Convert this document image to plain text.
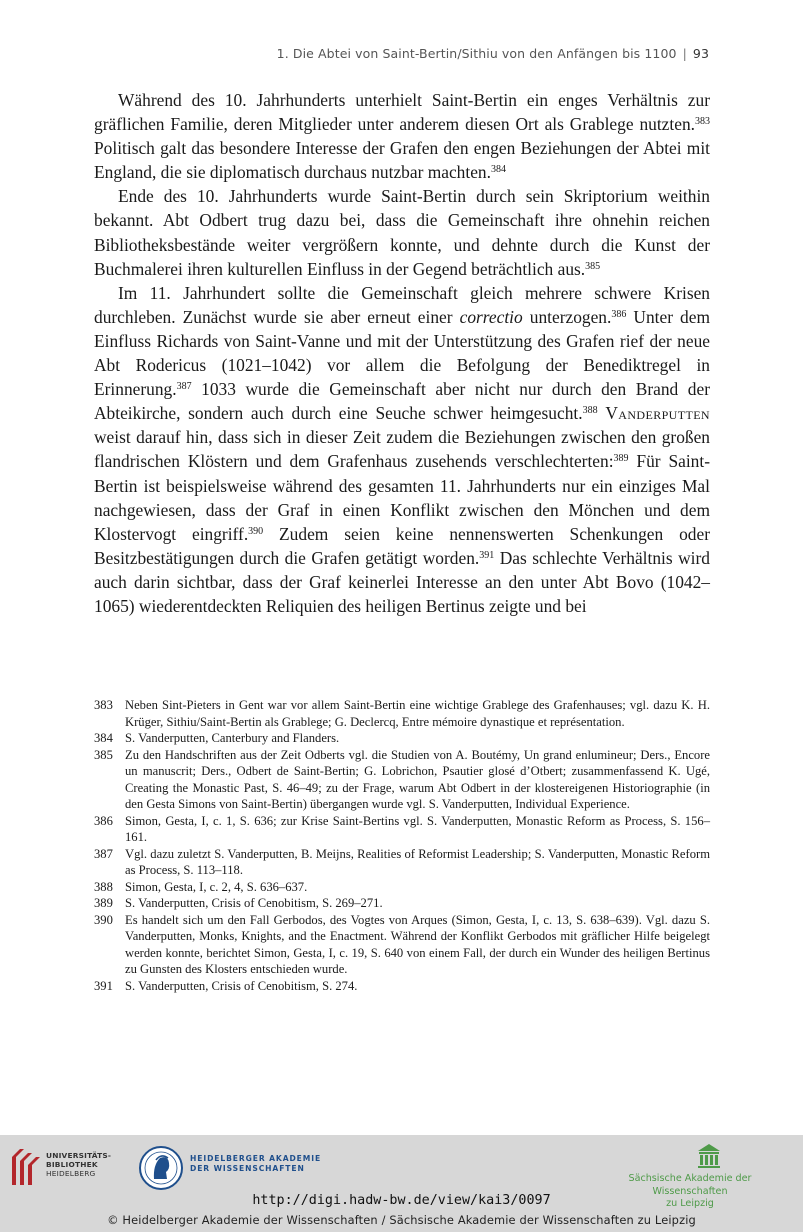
1. Die Abtei von Saint-Bertin/Sithiu von den Anfängen bis 1100 | 93

Während des 10. Jahrhunderts unterhielt Saint-Bertin ein enges Verhältnis zur gräflichen Familie, deren Mitglieder unter anderem diesen Ort als Grablege nutzten.$^{383}$ Politisch galt das besondere Interesse der Grafen den engen Beziehungen der Abtei mit England, die sie diplomatisch durchaus nutzbar machten.$^{384}$

Ende des 10. Jahrhunderts wurde Saint-Bertin durch sein Skriptorium weithin bekannt. Abt Odbert trug dazu bei, dass die Gemeinschaft ihre ohnehin reichen Bibliotheksbestände weiter vergrößern konnte, und dehnte durch die Kunst der Buchmalerei ihren kulturellen Einfluss in der Gegend beträchtlich aus.$^{385}$

Im 11. Jahrhundert sollte die Gemeinschaft gleich mehrere schwere Krisen durchleben. Zunächst wurde sie aber erneut einer correctio unterzogen.$^{386}$ Unter dem Einfluss Richards von Saint-Vanne und mit der Unterstützung des Grafen rief der neue Abt Rodericus (1021–1042) vor allem die Befolgung der Benediktregel in Erinnerung.$^{387}$ 1033 wurde die Gemeinschaft aber nicht nur durch den Brand der Abteikirche, sondern auch durch eine Seuche schwer heimgesucht.$^{388}$ Vanderputten weist darauf hin, dass sich in dieser Zeit zudem die Beziehungen zwischen den großen flandrischen Klöstern und dem Grafenhaus zusehends verschlechterten:$^{389}$ Für Saint-Bertin ist beispielsweise während des gesamten 11. Jahrhunderts nur ein einziges Mal nachgewiesen, dass der Graf in einen Konflikt zwischen den Mönchen und dem Klostervogt eingriff.$^{390}$ Zudem seien keine nennenswerten Schenkungen oder Besitzbestätigungen durch die Grafen getätigt worden.$^{391}$ Das schlechte Verhältnis wird auch darin sichtbar, dass der Graf keinerlei Interesse an den unter Abt Bovo (1042–1065) wiederentdeckten Reliquien des heiligen Bertinus zeigte und bei

383 Neben Sint-Pieters in Gent war vor allem Saint-Bertin eine wichtige Grablege des Grafenhauses; vgl. dazu K. H. Krüger, Sithiu/Saint-Bertin als Grablege; G. Declercq, Entre mémoire dynastique et représentation.
384 S. Vanderputten, Canterbury and Flanders.
385 Zu den Handschriften aus der Zeit Odberts vgl. die Studien von A. Boutémy, Un grand enlumineur; Ders., Encore un manuscrit; Ders., Odbert de Saint-Bertin; G. Lobrichon, Psautier glosé d’Otbert; zusammenfassend K. Ugé, Creating the Monastic Past, S. 46–49; zu der Frage, warum Abt Odbert in der klostereigenen Historiographie (in den Gesta Simons von Saint-Bertin) übergangen wurde vgl. S. Vanderputten, Individual Experience.
386 Simon, Gesta, I, c. 1, S. 636; zur Krise Saint-Bertins vgl. S. Vanderputten, Monastic Reform as Process, S. 156–161.
387 Vgl. dazu zuletzt S. Vanderputten, B. Meijns, Realities of Reformist Leadership; S. Vanderputten, Monastic Reform as Process, S. 113–118.
388 Simon, Gesta, I, c. 2, 4, S. 636–637.
389 S. Vanderputten, Crisis of Cenobitism, S. 269–271.
390 Es handelt sich um den Fall Gerbodos, des Vogtes von Arques (Simon, Gesta, I, c. 13, S. 638–639). Vgl. dazu S. Vanderputten, Monks, Knights, and the Enactment. Während der Konflikt Gerbodos mit gräflicher Hilfe beigelegt werden konnte, berichtet Simon, Gesta, I, c. 19, S. 640 von einem Fall, der durch ein Wunder des heiligen Bertinus zu Gunsten des Klosters entschieden wurde.
391 S. Vanderputten, Crisis of Cenobitism, S. 274.
UNIVERSITÄTS-
BIBLIOTHEK
HEIDELBERG
HEIDELBERGER AKADEMIE
DER WISSENSCHAFTEN
Sächsische Akademie der Wissenschaften
zu Leipzig
http://digi.hadw-bw.de/view/kai3/0097
© Heidelberger Akademie der Wissenschaften / Sächsische Akademie der Wissenschaften zu Leipzig
